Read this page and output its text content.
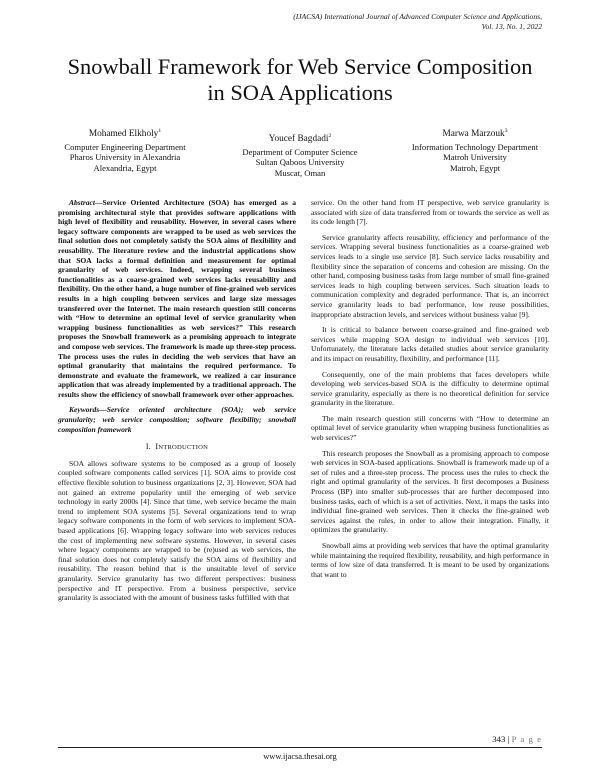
(IJACSA) International Journal of Advanced Computer Science and Applications,
Vol. 13, No. 1, 2022
Snowball Framework for Web Service Composition
in SOA Applications
Mohamed Elkholy$^1$
Computer Engineering Department
Pharos University in Alexandria
Alexandria, Egypt
Youcef Bagdadi$^2$
Department of Computer Science
Sultan Qaboos University
Muscat, Oman
Marwa Marzouk$^3$
Information Technology Department
Matroh University
Matroh, Egypt

Abstract—Service Oriented Architecture (SOA) has emerged as a promising architectural style that provides software applications with high level of flexibility and reusability. However, in several cases where legacy software components are wrapped to be used as web services the final solution does not completely satisfy the SOA aims of flexibility and reusability. The literature review and the industrial applications show that SOA lacks a formal definition and measurement for optimal granularity of web services. Indeed, wrapping several business functionalities as a coarse-grained web services lacks reusability and flexibility. On the other hand, a huge number of fine-grained web services results in a high coupling between services and large size messages transferred over the Internet. The main research question still concerns with “How to determine an optimal level of service granularity when wrapping business functionalities as web services?” This research proposes the Snowball framework as a promising approach to integrate and compose web services. The framework is made up three-step process. The process uses the rules in deciding the web services that have an optimal granularity that maintains the required performance. To demonstrate and evaluate the framework, we realized a car insurance application that was already implemented by a traditional approach. The results show the efficiency of snowball framework over other approaches.

Keywords—Service oriented architecture (SOA); web service granularity; web service composition; software flexibility; snowball composition framework

I. INTRODUCTION

SOA allows software systems to be composed as a group of loosely coupled software components called services [1]. SOA aims to provide cost effective flexible solution to business organizations [2, 3]. However, SOA had not gained an extreme popularity until the emerging of web service technology in early 2000s [4]. Since that time, web service became the main trend to implement SOA systems [5]. Several organizations tend to wrap legacy software components in the form of web services to implement SOA-based applications [6]. Wrapping legacy software into web services reduces the cost of implementing new software systems. However, in several cases where legacy components are wrapped to be (re)used as web services, the final solution does not completely satisfy the SOA aims of flexibility and reusability. The reason behind that is the unsuitable level of service granularity. Service granularity has two different perspectives: business perspective and IT perspective. From a business perspective, service granularity is associated with the amount of business tasks fulfilled with that

service. On the other hand from IT perspective, web service granularity is associated with size of data transferred from or towards the service as well as its code length [7].

Service granularity affects reusability, efficiency and performance of the services. Wrapping several business functionalities as a coarse-grained web services leads to a single use service [8]. Such service lacks reusability and flexibility since the separation of concerns and cohesion are missing. On the other hand, composing business tasks from large number of small fine-grained services leads to high coupling between services. Such situation leads to communication complexity and degraded performance. That is, an incorrect service granularity leads to bad performance, low reuse possibilities, inappropriate abstraction levels, and services without business value [9].

It is critical to balance between coarse-grained and fine-grained web services while mapping SOA design to individual web services [10]. Unfortunately, the literature lacks detailed studies about service granularity and its impact on reusability, flexibility, and performance [11].

Consequently, one of the main problems that faces developers while developing web services-based SOA is the difficulty to determine optimal service granularity, especially as there is no theoretical definition for service granularity in the literature.

The main research question still concerns with “How to determine an optimal level of service granularity when wrapping business functionalities as web services?”

This research proposes the Snowball as a promising approach to compose web services in SOA-based applications. Snowball is framework made up of a set of rules and a three-step process. The process uses the rules to check the right and optimal granularity of the services. It first decomposes a Business Process (BP) into smaller sub-processes that are further decomposed into business tasks, each of which is a set of activities. Next, it maps the tasks into individual fine-grained web services. Then it checks the fine-grained web services against the rules, in order to allow their integration. Finally, it optimizes the granularity.

Snowball aims at providing web services that have the optimal granularity while maintaining the required flexibility, reusability, and high performance in terms of low size of data transferred. It is meant to be used by organizations that want to

343 | P a g e
www.ijacsa.thesai.org
